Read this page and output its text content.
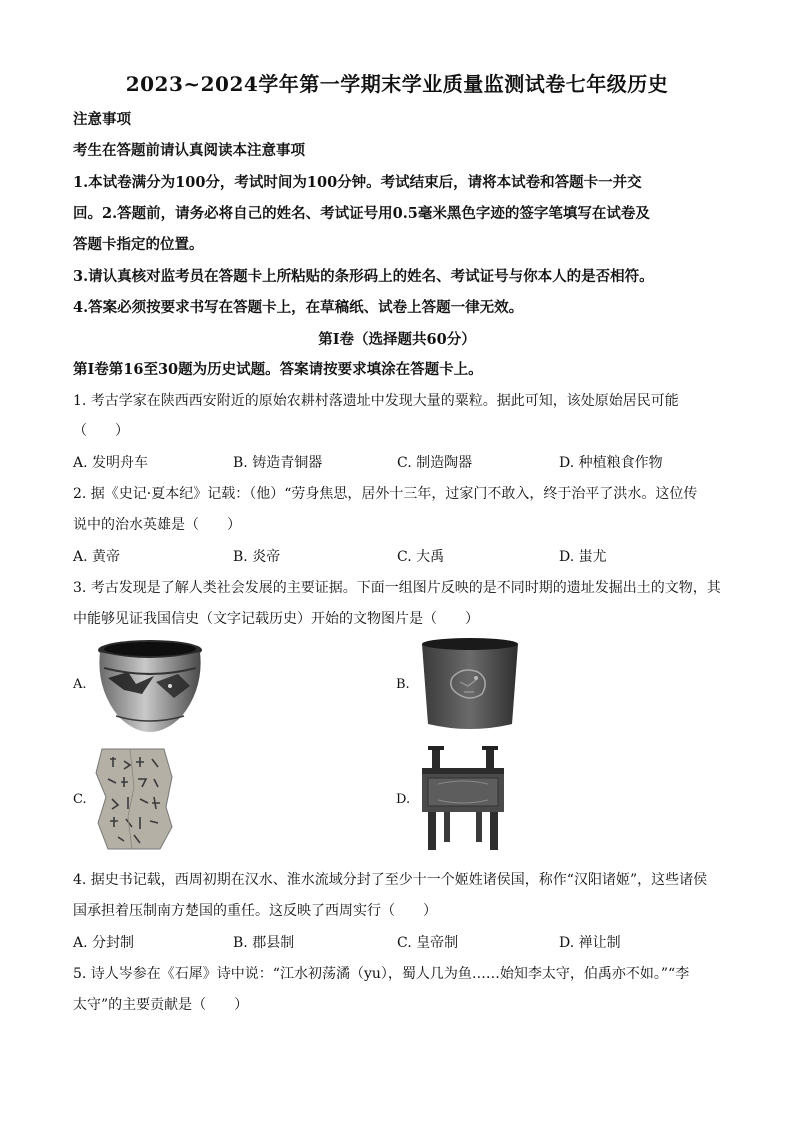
2023~2024学年第一学期末学业质量监测试卷七年级历史
注意事项
考生在答题前请认真阅读本注意事项
1.本试卷满分为100分，考试时间为100分钟。考试结束后，请将本试卷和答题卡一并交
回。2.答题前，请务必将自己的姓名、考试证号用0.5毫米黑色字迹的签字笔填写在试卷及
答题卡指定的位置。
3.请认真核对监考员在答题卡上所粘贴的条形码上的姓名、考试证号与你本人的是否相符。
4.答案必须按要求书写在答题卡上，在草稿纸、试卷上答题一律无效。
第Ⅰ卷（选择题共60分）
第Ⅰ卷第16至30题为历史试题。答案请按要求填涂在答题卡上。
1. 考古学家在陕西西安附近的原始农耕村落遗址中发现大量的粟粒。据此可知，该处原始居民可能
（　　）
A. 发明舟车	B. 铸造青铜器	C. 制造陶器	D. 种植粮食作物
2. 据《史记·夏本纪》记载：（他）“劳身焦思，居外十三年，过家门不敢入，终于治平了洪水。这位传
说中的治水英雄是（　　）
A. 黄帝	B. 炎帝	C. 大禹	D. 蚩尤
3. 考古发现是了解人类社会发展的主要证据。下面一组图片反映的是不同时期的遗址发掘出土的文物，其
中能够见证我国信史（文字记载历史）开始的文物图片是（　　）
A.	B.
C.	D.
4. 据史书记载，西周初期在汉水、淮水流域分封了至少十一个姬姓诸侯国，称作“汉阳诸姬”，这些诸侯
国承担着压制南方楚国的重任。这反映了西周实行（　　）
A. 分封制	B. 郡县制	C. 皇帝制	D. 禅让制
5. 诗人岑参在《石犀》诗中说：“江水初荡潏（yu），蜀人几为鱼……始知李太守，伯禹亦不如。”“李
太守”的主要贡献是（　　）
